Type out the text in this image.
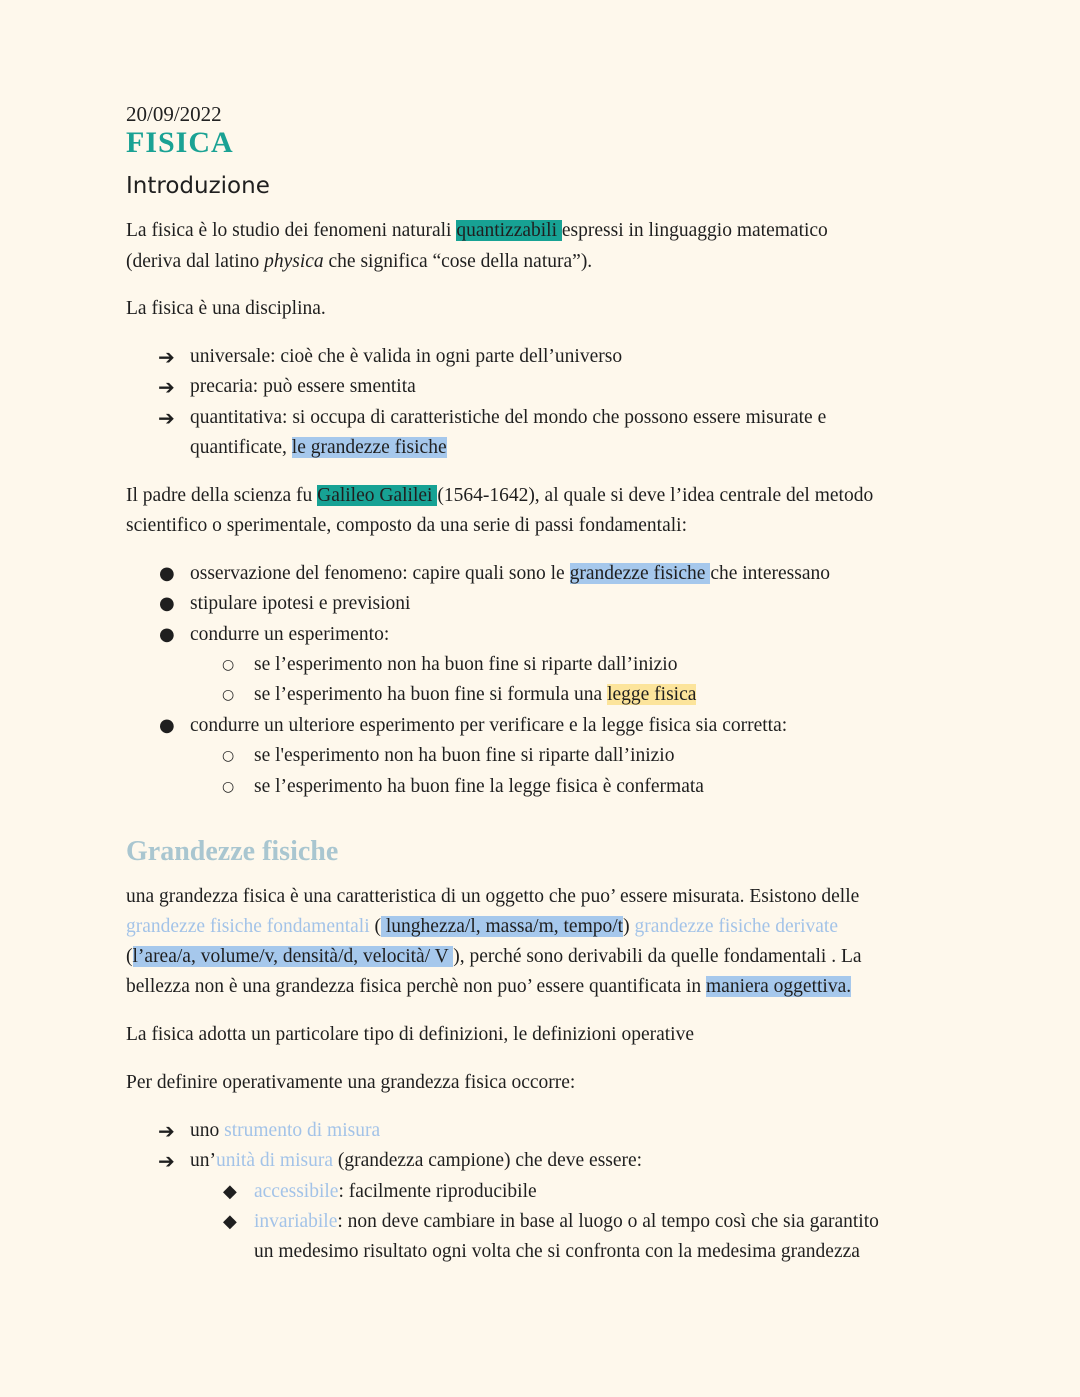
20/09/2022
FISICA
Introduzione
La fisica è lo studio dei fenomeni naturali quantizzabili espressi in linguaggio matematico
(deriva dal latino physica che significa “cose della natura”).
La fisica è una disciplina.
➔ universale: cioè che è valida in ogni parte dell’universo
➔ precaria: può essere smentita
➔ quantitativa: si occupa di caratteristiche del mondo che possono essere misurate e
quantificate, le grandezze fisiche
Il padre della scienza fu Galileo Galilei (1564-1642), al quale si deve l’idea centrale del metodo
scientifico o sperimentale, composto da una serie di passi fondamentali:
● osservazione del fenomeno: capire quali sono le grandezze fisiche che interessano
● stipulare ipotesi e previsioni
● condurre un esperimento:
○ se l’esperimento non ha buon fine si riparte dall’inizio
○ se l’esperimento ha buon fine si formula una legge fisica
● condurre un ulteriore esperimento per verificare e la legge fisica sia corretta:
○ se l'esperimento non ha buon fine si riparte dall’inizio
○ se l’esperimento ha buon fine la legge fisica è confermata
Grandezze fisiche
una grandezza fisica è una caratteristica di un oggetto che puo’ essere misurata. Esistono delle
grandezze fisiche fondamentali ( lunghezza/l, massa/m, tempo/t) grandezze fisiche derivate
(l’area/a, volume/v, densità/d, velocità/ V ), perché sono derivabili da quelle fondamentali . La
bellezza non è una grandezza fisica perchè non puo’ essere quantificata in maniera oggettiva.
La fisica adotta un particolare tipo di definizioni, le definizioni operative
Per definire operativamente una grandezza fisica occorre:
➔ uno strumento di misura
➔ un’unità di misura (grandezza campione) che deve essere:
◆ accessibile: facilmente riproducibile
◆ invariabile: non deve cambiare in base al luogo o al tempo così che sia garantito
un medesimo risultato ogni volta che si confronta con la medesima grandezza
